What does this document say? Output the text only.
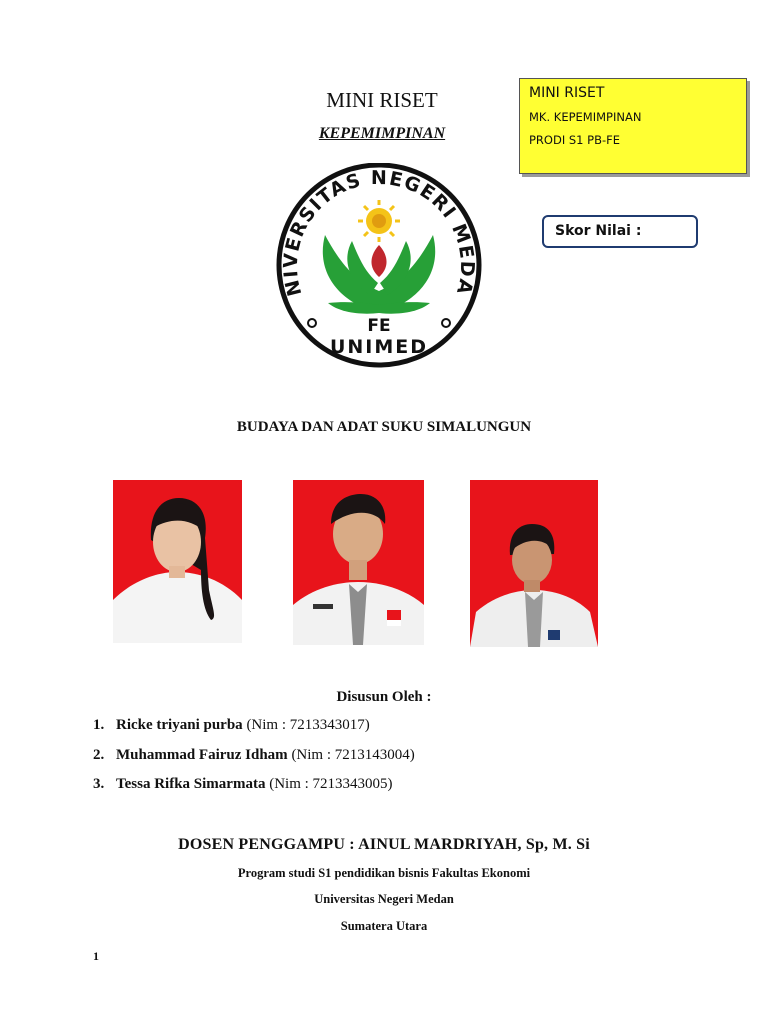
MINI RISET
KEPEMIMPINAN
MINI RISET
MK. KEPEMIMPINAN
PRODI S1 PB-FE
Skor Nilai :
NIVERSITAS NEGERI MEDA
FE
UNIMED
BUDAYA DAN ADAT SUKU SIMALUNGUN
Disusun Oleh :
1. Ricke triyani purba (Nim : 7213343017)
2. Muhammad Fairuz Idham (Nim : 7213143004)
3. Tessa Rifka Simarmata (Nim : 7213343005)
DOSEN PENGGAMPU : AINUL MARDRIYAH, Sp, M. Si
Program studi S1 pendidikan bisnis Fakultas Ekonomi
Universitas Negeri Medan
Sumatera Utara
1
